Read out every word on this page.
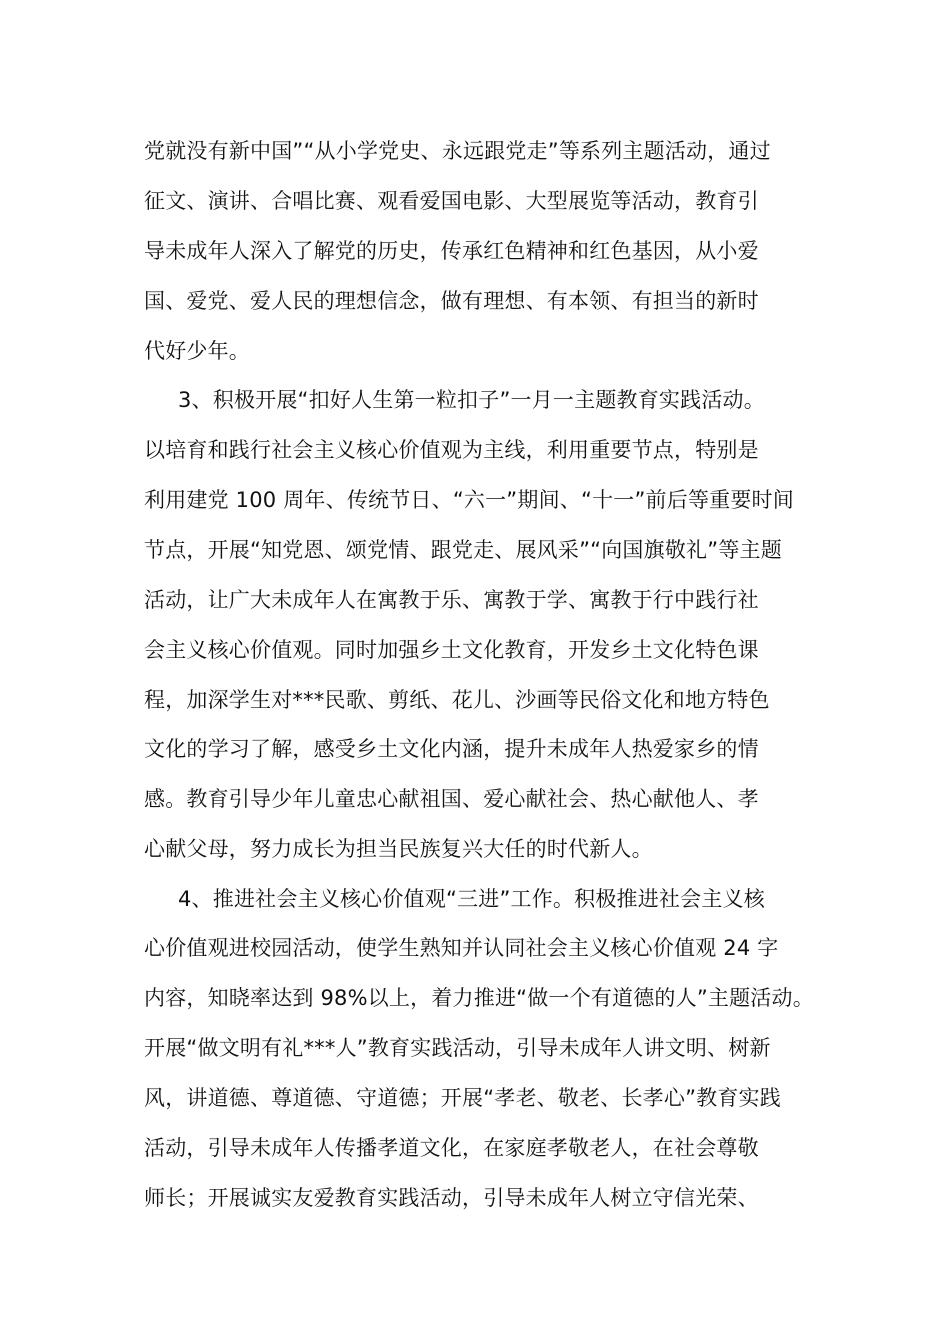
党就没有新中国”“从小学党史、永远跟党走”等系列主题活动，通过
征文、演讲、合唱比赛、观看爱国电影、大型展览等活动，教育引
导未成年人深入了解党的历史，传承红色精神和红色基因，从小爱
国、爱党、爱人民的理想信念，做有理想、有本领、有担当的新时
代好少年。
3、积极开展“扣好人生第一粒扣子”一月一主题教育实践活动。
以培育和践行社会主义核心价值观为主线，利用重要节点，特别是
利用建党 100 周年、传统节日、“六一”期间、“十一”前后等重要时间
节点，开展“知党恩、颂党情、跟党走、展风采”“向国旗敬礼”等主题
活动，让广大未成年人在寓教于乐、寓教于学、寓教于行中践行社
会主义核心价值观。同时加强乡土文化教育，开发乡土文化特色课
程，加深学生对***民歌、剪纸、花儿、沙画等民俗文化和地方特色
文化的学习了解，感受乡土文化内涵，提升未成年人热爱家乡的情
感。教育引导少年儿童忠心献祖国、爱心献社会、热心献他人、孝
心献父母，努力成长为担当民族复兴大任的时代新人。
4、推进社会主义核心价值观“三进”工作。积极推进社会主义核
心价值观进校园活动，使学生熟知并认同社会主义核心价值观 24 字
内容，知晓率达到 98%以上，着力推进“做一个有道德的人”主题活动。
开展“做文明有礼***人”教育实践活动，引导未成年人讲文明、树新
风，讲道德、尊道德、守道德；开展“孝老、敬老、长孝心”教育实践
活动，引导未成年人传播孝道文化，在家庭孝敬老人，在社会尊敬
师长；开展诚实友爱教育实践活动，引导未成年人树立守信光荣、
